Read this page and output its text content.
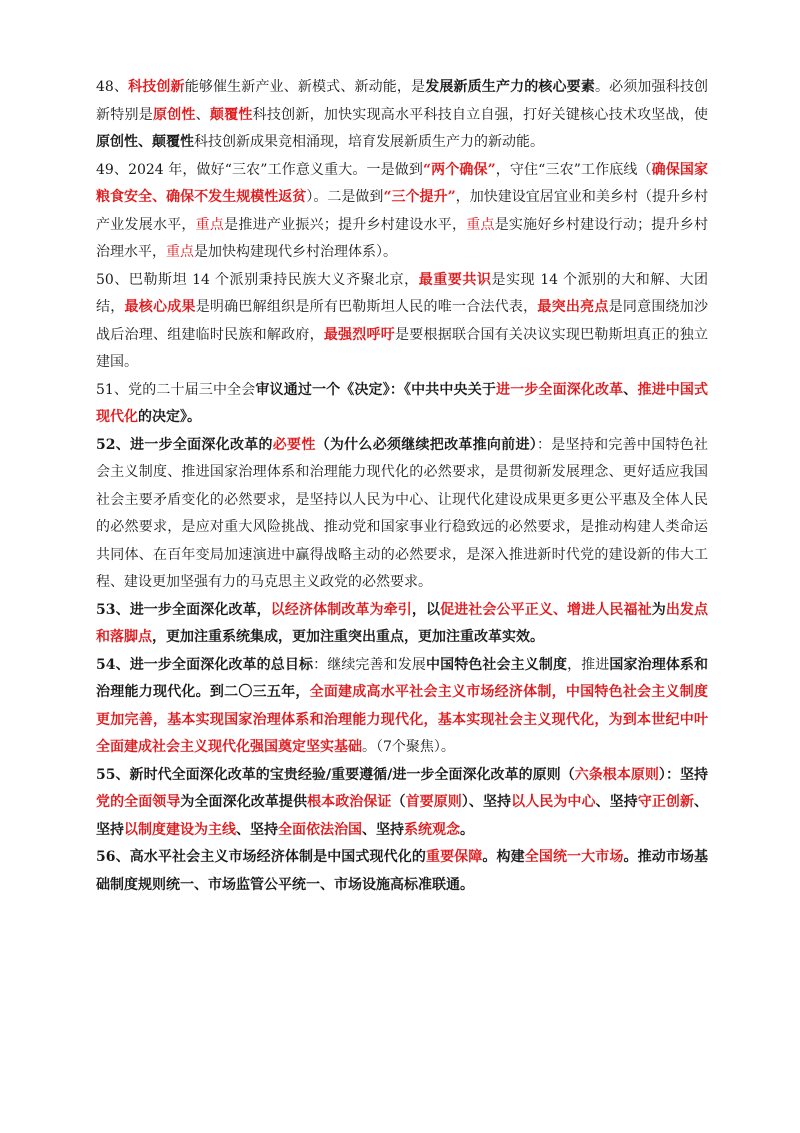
48、科技创新能够催生新产业、新模式、新动能，是发展新质生产力的核心要素。必须加强科技创新特别是原创性、颠覆性科技创新，加快实现高水平科技自立自强，打好关键核心技术攻坚战，使原创性、颠覆性科技创新成果竞相涌现，培育发展新质生产力的新动能。

49、2024 年，做好“三农”工作意义重大。一是做到“两个确保”，守住“三农”工作底线（确保国家粮食安全、确保不发生规模性返贫）。二是做到“三个提升”，加快建设宜居宜业和美乡村（提升乡村产业发展水平，重点是推进产业振兴；提升乡村建设水平，重点是实施好乡村建设行动；提升乡村治理水平，重点是加快构建现代乡村治理体系）。

50、巴勒斯坦 14 个派别秉持民族大义齐聚北京，最重要共识是实现 14 个派别的大和解、大团结，最核心成果是明确巴解组织是所有巴勒斯坦人民的唯一合法代表，最突出亮点是同意围绕加沙战后治理、组建临时民族和解政府，最强烈呼吁是要根据联合国有关决议实现巴勒斯坦真正的独立建国。

51、党的二十届三中全会审议通过一个《决定》：《中共中央关于进一步全面深化改革、推进中国式现代化的决定》。

52、进一步全面深化改革的必要性（为什么必须继续把改革推向前进）：是坚持和完善中国特色社会主义制度、推进国家治理体系和治理能力现代化的必然要求，是贯彻新发展理念、更好适应我国社会主要矛盾变化的必然要求，是坚持以人民为中心、让现代化建设成果更多更公平惠及全体人民的必然要求，是应对重大风险挑战、推动党和国家事业行稳致远的必然要求，是推动构建人类命运共同体、在百年变局加速演进中赢得战略主动的必然要求，是深入推进新时代党的建设新的伟大工程、建设更加坚强有力的马克思主义政党的必然要求。

53、进一步全面深化改革，以经济体制改革为牵引，以促进社会公平正义、增进人民福祉为出发点和落脚点，更加注重系统集成，更加注重突出重点，更加注重改革实效。

54、进一步全面深化改革的总目标：继续完善和发展中国特色社会主义制度，推进国家治理体系和治理能力现代化。到二〇三五年，全面建成高水平社会主义市场经济体制，中国特色社会主义制度更加完善，基本实现国家治理体系和治理能力现代化，基本实现社会主义现代化，为到本世纪中叶全面建成社会主义现代化强国奠定坚实基础。（7个聚焦）。

55、新时代全面深化改革的宝贵经验/重要遵循/进一步全面深化改革的原则（六条根本原则）：坚持党的全面领导为全面深化改革提供根本政治保证（首要原则）、坚持以人民为中心、坚持守正创新、坚持以制度建设为主线、坚持全面依法治国、坚持系统观念。

56、高水平社会主义市场经济体制是中国式现代化的重要保障。构建全国统一大市场。推动市场基础制度规则统一、市场监管公平统一、市场设施高标准联通。
